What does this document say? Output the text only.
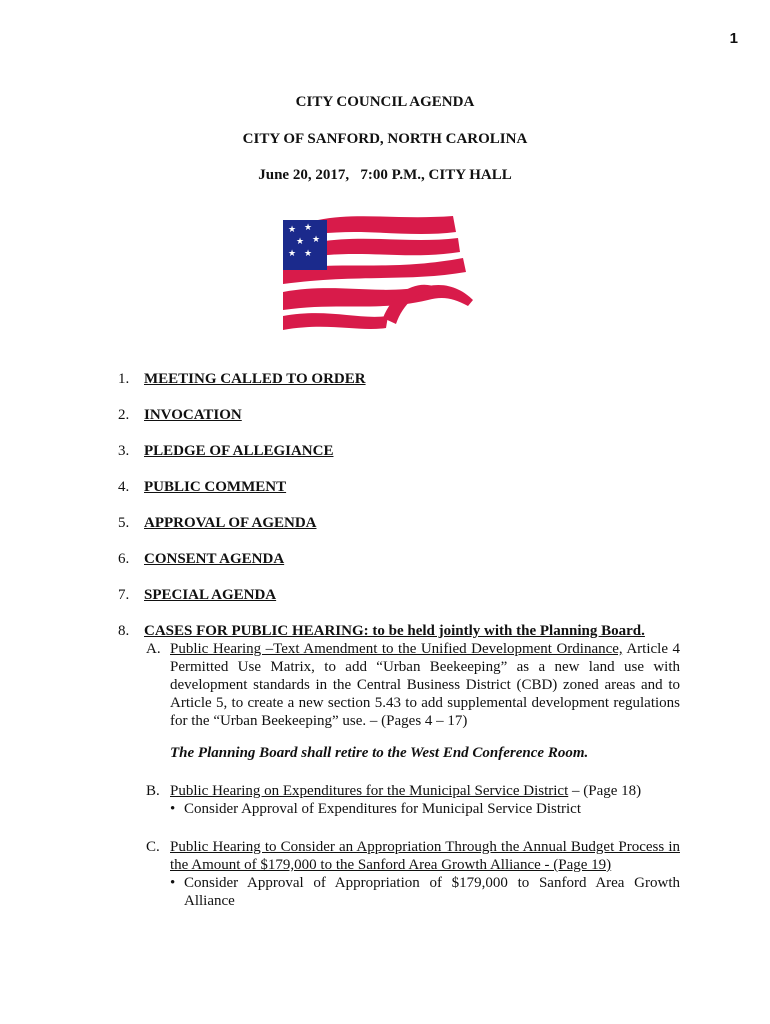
1
CITY COUNCIL AGENDA
CITY OF SANFORD, NORTH CAROLINA
June 20, 2017,   7:00 P.M., CITY HALL
★ ★
★ ★
★ ★
1. MEETING CALLED TO ORDER
2. INVOCATION
3. PLEDGE OF ALLEGIANCE
4. PUBLIC COMMENT
5. APPROVAL OF AGENDA
6. CONSENT AGENDA
7. SPECIAL AGENDA
8. CASES FOR PUBLIC HEARING: to be held jointly with the Planning Board.
A. Public Hearing –Text Amendment to the Unified Development Ordinance, Article 4 Permitted Use Matrix, to add “Urban Beekeeping” as a new land use with development standards in the Central Business District (CBD) zoned areas and to Article 5, to create a new section 5.43 to add supplemental development regulations for the “Urban Beekeeping” use. – (Pages 4 – 17)
The Planning Board shall retire to the West End Conference Room.
B. Public Hearing on Expenditures for the Municipal Service District – (Page 18)
• Consider Approval of Expenditures for Municipal Service District
C. Public Hearing to Consider an Appropriation Through the Annual Budget Process in the Amount of $179,000 to the Sanford Area Growth Alliance - (Page 19)
• Consider Approval of Appropriation of $179,000 to Sanford Area Growth Alliance
